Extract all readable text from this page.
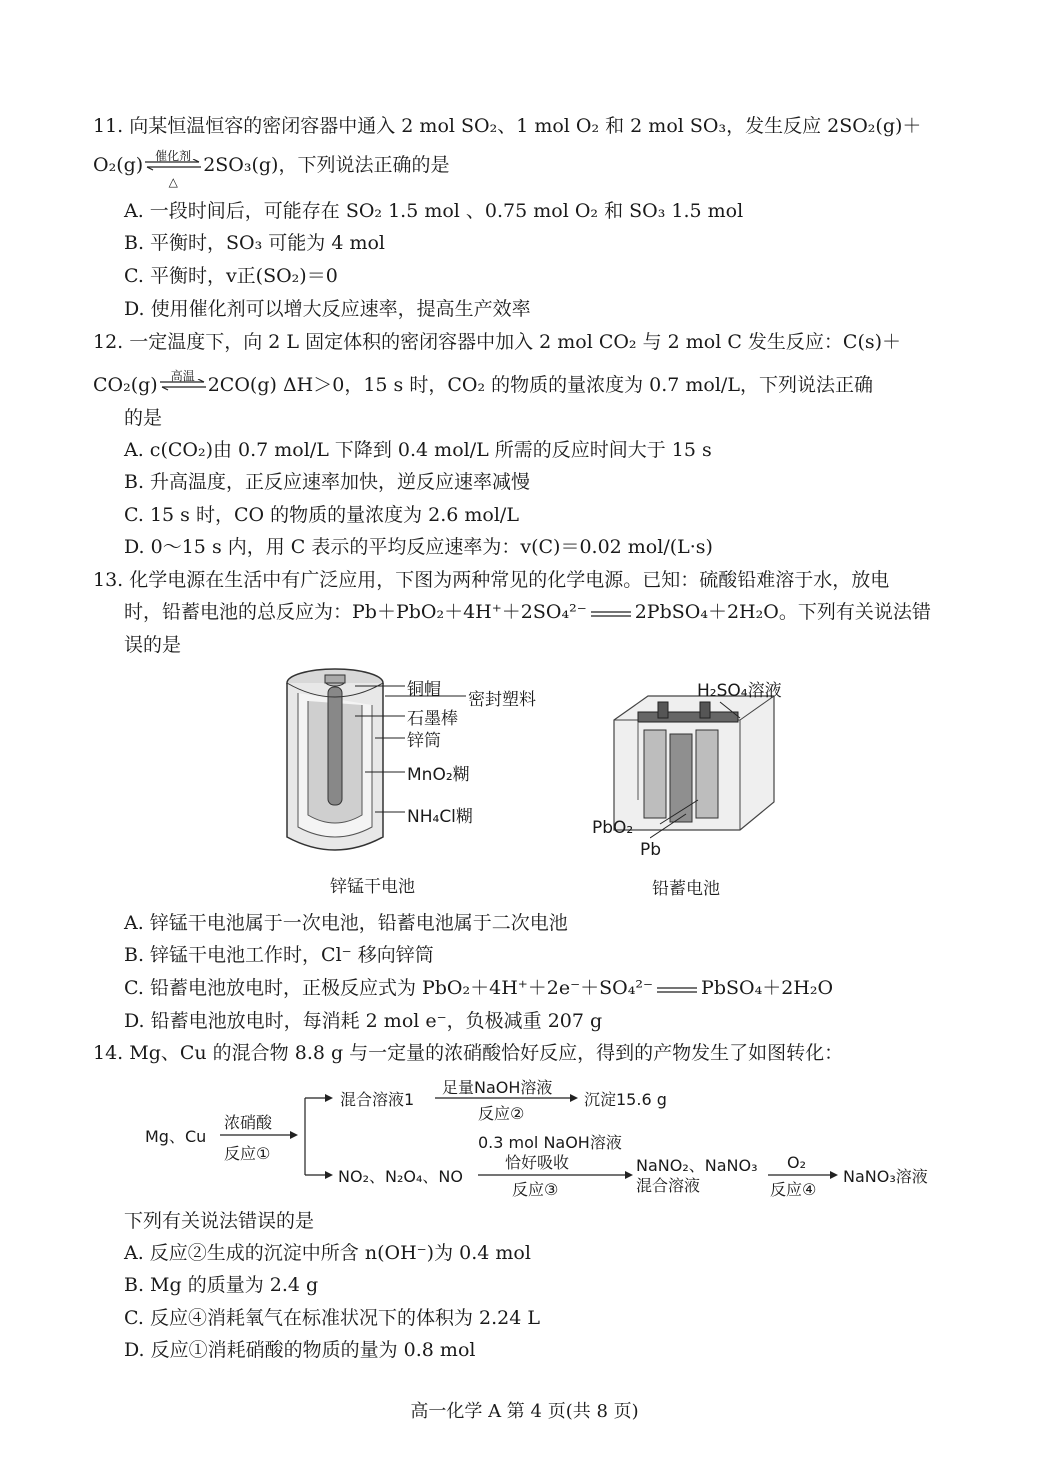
11. 向某恒温恒容的密闭容器中通入 2 mol SO₂、1 mol O₂ 和 2 mol SO₃，发生反应 2SO₂(g)＋
O₂(g) 催化剂
△
2SO₃(g)，下列说法正确的是
A. 一段时间后，可能存在 SO₂ 1.5 mol 、0.75 mol O₂ 和 SO₃ 1.5 mol
B. 平衡时，SO₃ 可能为 4 mol
C. 平衡时，v正(SO₂)＝0
D. 使用催化剂可以增大反应速率，提高生产效率
12. 一定温度下，向 2 L 固定体积的密闭容器中加入 2 mol CO₂ 与 2 mol C 发生反应：C(s)＋
CO₂(g)	高温 2CO(g) ΔH＞0，15 s 时，CO₂ 的物质的量浓度为 0.7 mol/L，下列说法正确
的是
A. c(CO₂)由 0.7 mol/L 下降到 0.4 mol/L 所需的反应时间大于 15 s
B. 升高温度，正反应速率加快，逆反应速率减慢
C. 15 s 时，CO 的物质的量浓度为 2.6 mol/L
D. 0～15 s 内，用 C 表示的平均反应速率为：v(C)＝0.02 mol/(L·s)
13. 化学电源在生活中有广泛应用，下图为两种常见的化学电源。已知：硫酸铅难溶于水，放电
时，铅蓄电池的总反应为：Pb＋PbO₂＋4H⁺＋2SO₄²⁻	2PbSO₄＋2H₂O。下列有关说法错
误的是
铜帽 密封塑料
石墨棒
锌筒
MnO₂糊
NH₄Cl糊
锌锰干电池
H₂SO₄溶液
PbO₂
Pb
铅蓄电池
A. 锌锰干电池属于一次电池，铅蓄电池属于二次电池
B. 锌锰干电池工作时，Cl⁻ 移向锌筒
C. 铅蓄电池放电时，正极反应式为 PbO₂＋4H⁺＋2e⁻＋SO₄²⁻	PbSO₄＋2H₂O
D. 铅蓄电池放电时，每消耗 2 mol e⁻，负极减重 207 g
14. Mg、Cu 的混合物 8.8 g 与一定量的浓硝酸恰好反应，得到的产物发生了如图转化：
Mg、Cu
浓硝酸
反应①
混合溶液1
足量NaOH溶液
反应②
沉淀15.6 g
NO₂、N₂O₄、NO
0.3 mol NaOH溶液
恰好吸收
反应③
NaNO₂、NaNO₃
混合溶液
O₂
反应④
NaNO₃溶液
下列有关说法错误的是
A. 反应②生成的沉淀中所含 n(OH⁻)为 0.4 mol
B. Mg 的质量为 2.4 g
C. 反应④消耗氧气在标准状况下的体积为 2.24 L
D. 反应①消耗硝酸的物质的量为 0.8 mol
高一化学 A 第 4 页(共 8 页)
